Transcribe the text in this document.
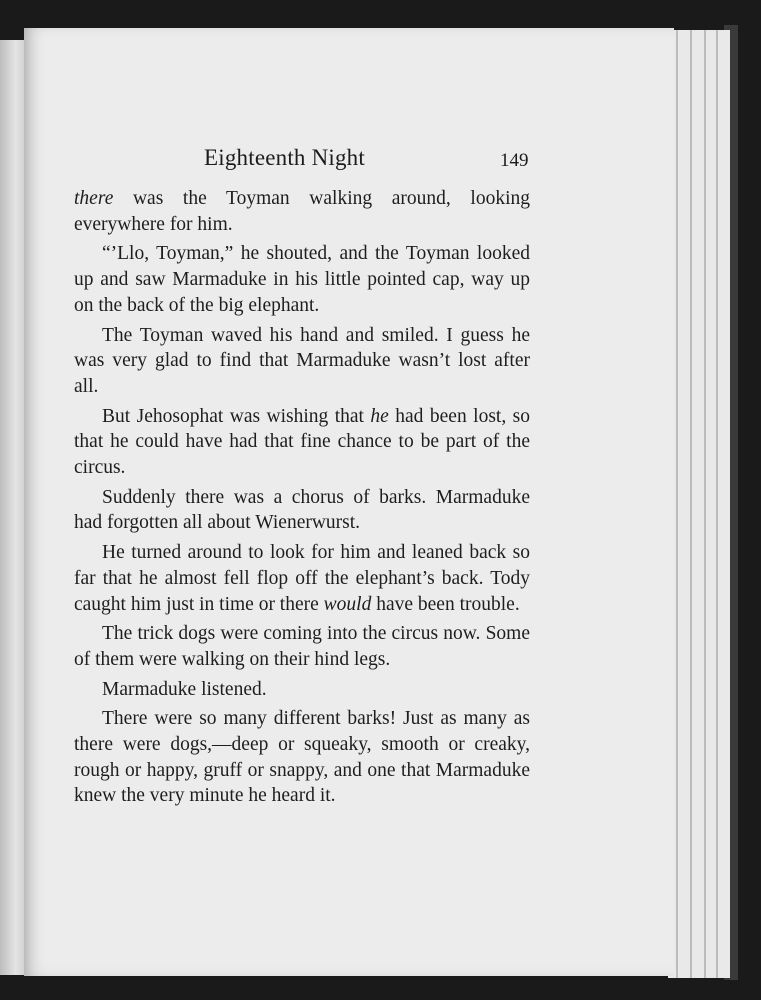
Eighteenth Night	149

there was the Toyman walking around, looking everywhere for him.

“’Llo, Toyman,” he shouted, and the Toyman looked up and saw Marmaduke in his little pointed cap, way up on the back of the big elephant.

The Toyman waved his hand and smiled. I guess he was very glad to find that Marmaduke wasn’t lost after all.

But Jehosophat was wishing that he had been lost, so that he could have had that fine chance to be part of the circus.

Suddenly there was a chorus of barks. Marmaduke had forgotten all about Wienerwurst.

He turned around to look for him and leaned back so far that he almost fell flop off the elephant’s back. Tody caught him just in time or there would have been trouble.

The trick dogs were coming into the circus now. Some of them were walking on their hind legs.

Marmaduke listened.

There were so many different barks! Just as many as there were dogs,—deep or squeaky, smooth or creaky, rough or happy, gruff or snappy, and one that Marmaduke knew the very minute he heard it.
